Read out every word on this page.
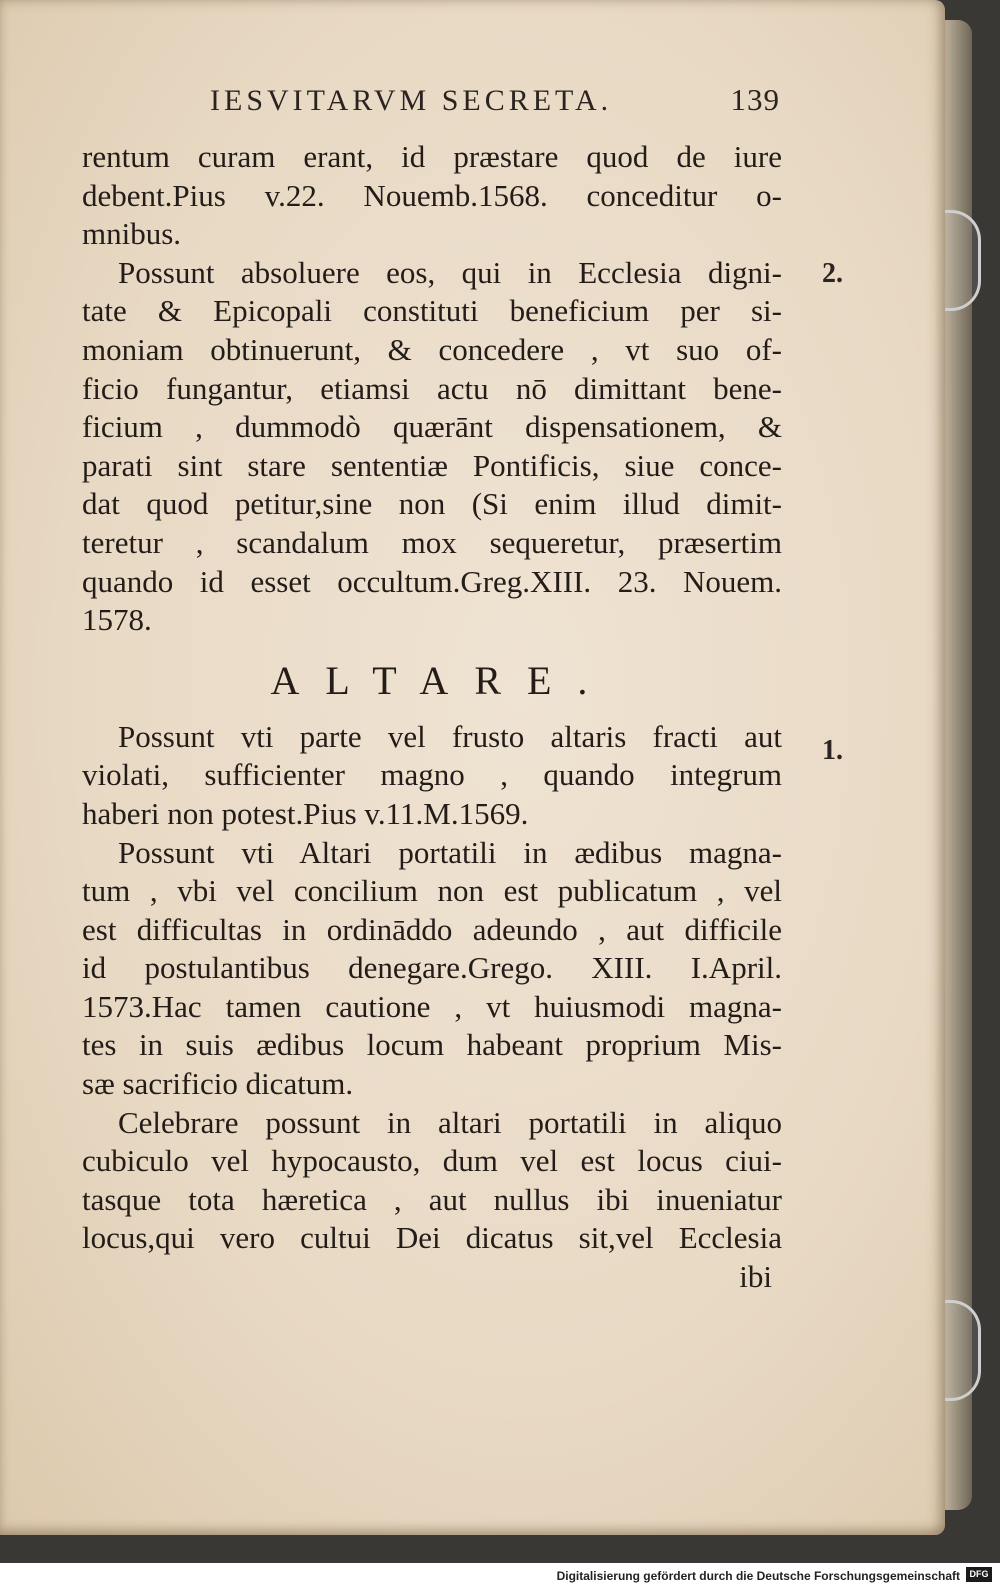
IESVITARVM SECRETA.	139
2.
1.
rentum curam erant, id præstare quod de iure
debent.Pius v.22. Nouemb.1568. conceditur o-
mnibus.
Possunt absoluere eos, qui in Ecclesia digni-
tate & Epicopali constituti beneficium per si-
moniam obtinuerunt, & concedere , vt suo of-
ficio fungantur, etiamsi actu nō dimittant bene-
ficium , dummodò quærānt dispensationem, &
parati sint stare sententiæ Pontificis, siue conce-
dat quod petitur,sine non (Si enim illud dimit-
teretur , scandalum mox sequeretur, præsertim
quando id esset occultum.Greg.XIII. 23. Nouem.
1578.
ALTARE.
Possunt vti parte vel frusto altaris fracti aut
violati, sufficienter magno , quando integrum
haberi non potest.Pius v.11.M.1569.
Possunt vti Altari portatili in ædibus magna-
tum , vbi vel concilium non est publicatum , vel
est difficultas in ordināddo adeundo , aut difficile
id postulantibus denegare.Grego. XIII. I.April.
1573.Hac tamen cautione , vt huiusmodi magna-
tes in suis ædibus locum habeant proprium Mis-
sæ sacrificio dicatum.
Celebrare possunt in altari portatili in aliquo
cubiculo vel hypocausto, dum vel est locus ciui-
tasque tota hæretica , aut nullus ibi inueniatur
locus,qui vero cultui Dei dicatus sit,vel Ecclesia
ibi
Digitalisierung gefördert durch die Deutsche Forschungsgemeinschaft	DFG
